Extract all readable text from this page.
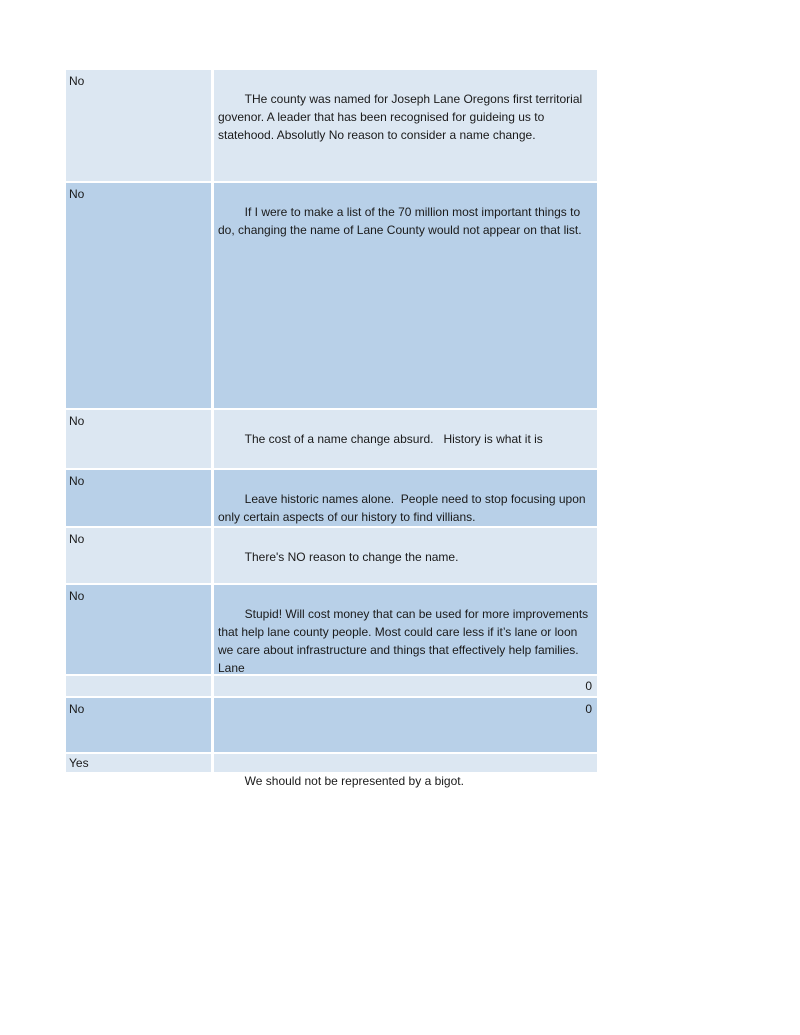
No

THe county was named for Joseph Lane Oregons first territorial govenor. A leader that has been recognised for guideing us to statehood. Absolutly No reason to consider a name change.

No

If I were to make a list of the 70 million most important things to do, changing the name of Lane County would not appear on that list.

No

The cost of a name change absurd.   History is what it is

No

Leave historic names alone.  People need to stop focusing upon only certain aspects of our history to find villians.

No

There's NO reason to change the name.

No

Stupid! Will cost money that can be used for more improvements that help lane county people. Most could care less if it’s lane or loon we care about infrastructure and things that effectively help families. Lane

0

No

	0

Yes

We should not be represented by a bigot.
